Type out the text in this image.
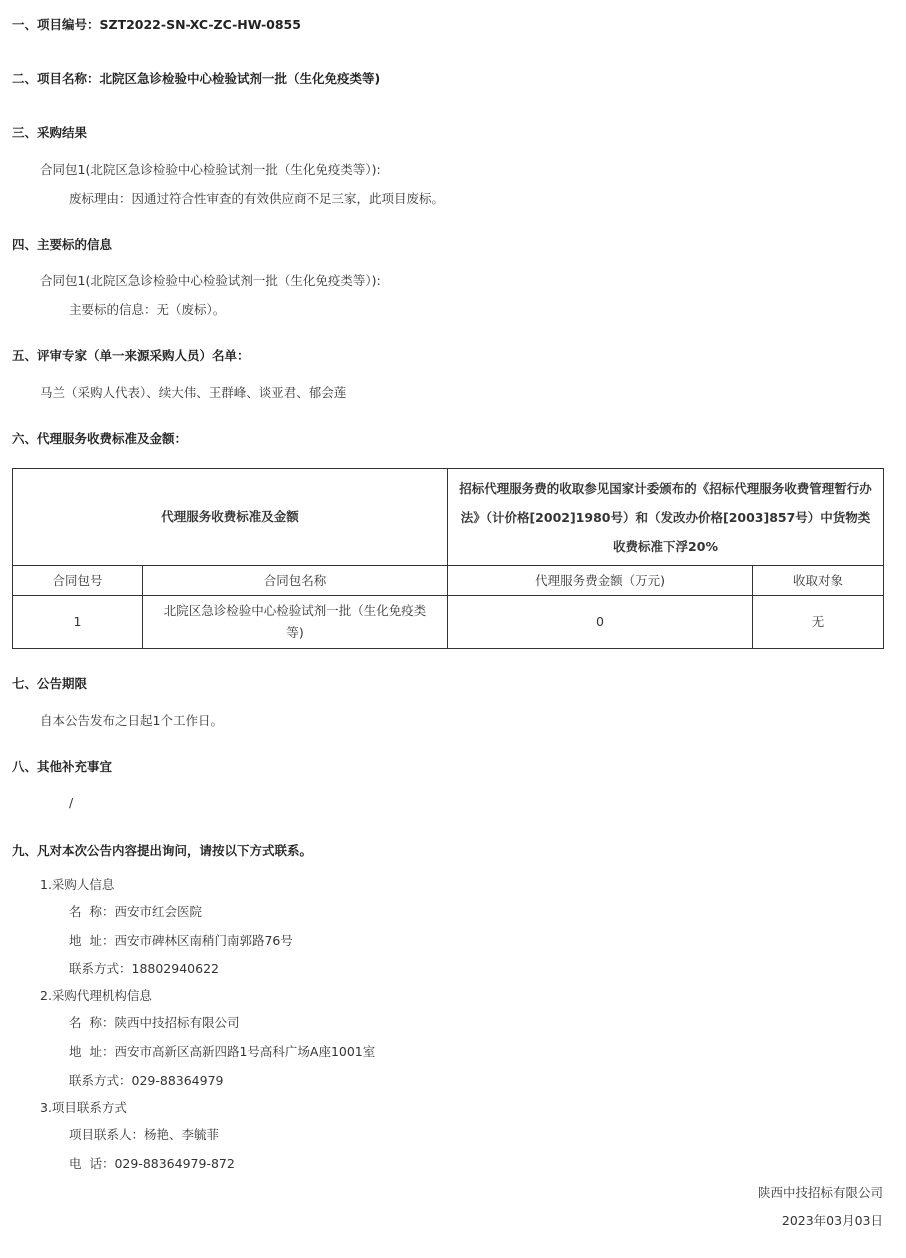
一、项目编号：SZT2022-SN-XC-ZC-HW-0855
二、项目名称：北院区急诊检验中心检验试剂一批（生化免疫类等)
三、采购结果
合同包1(北院区急诊检验中心检验试剂一批（生化免疫类等）):
废标理由：因通过符合性审查的有效供应商不足三家，此项目废标。
四、主要标的信息
合同包1(北院区急诊检验中心检验试剂一批（生化免疫类等）):
主要标的信息：无（废标）。
五、评审专家（单一来源采购人员）名单：
马兰（采购人代表）、续大伟、王群峰、谈亚君、郁会莲
六、代理服务收费标准及金额：
代理服务收费标准及金额		招标代理服务费的收取参见国家计委颁布的《招标代理服务收费管理暂行办法》（计价格[2002]1980号）和（发改办价格[2003]857号）中货物类收费标准下浮20%	
合同包号	合同包名称	代理服务费金额（万元)	收取对象
1	北院区急诊检验中心检验试剂一批（生化免疫类等)	0	无
七、公告期限
自本公告发布之日起1个工作日。
八、其他补充事宜
/
九、凡对本次公告内容提出询问，请按以下方式联系。
1.采购人信息
名  称：西安市红会医院
地  址：西安市碑林区南稍门南郭路76号
联系方式：18802940622
2.采购代理机构信息
名  称：陕西中技招标有限公司
地  址：西安市高新区高新四路1号高科广场A座1001室
联系方式：029-88364979
3.项目联系方式
项目联系人：杨艳、李毓菲
电  话：029-88364979-872
陕西中技招标有限公司
2023年03月03日
